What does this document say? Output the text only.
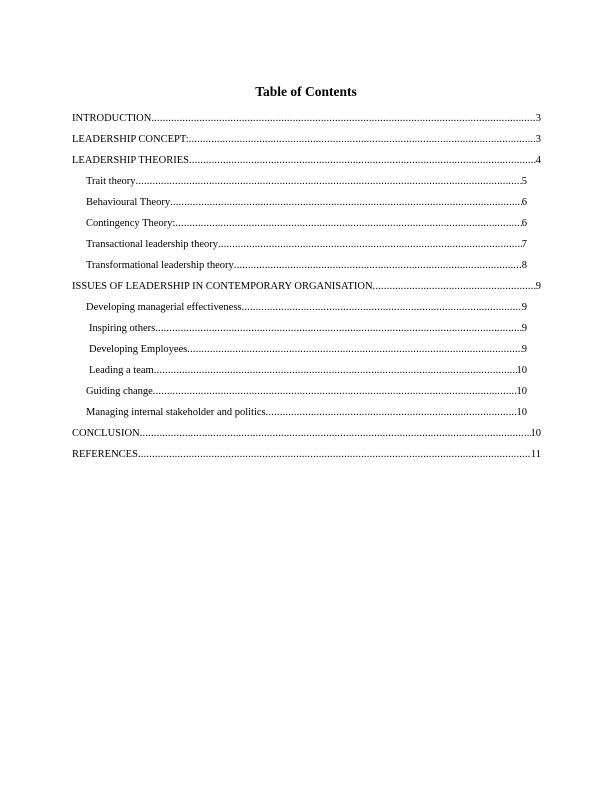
Table of Contents
INTRODUCTION .....	3
LEADERSHIP CONCEPT: .....	3
LEADERSHIP THEORIES .....	4
Trait theory .....	5
Behavioural Theory .....	6
Contingency Theory: .....	6
Transactional leadership theory .....	7
Transformational leadership theory .....	8
ISSUES OF LEADERSHIP IN CONTEMPORARY ORGANISATION .....	9
Developing managerial effectiveness .....	9
Inspiring others .....	9
Developing Employees .....	9
Leading a team .....	10
Guiding change .....	10
Managing internal stakeholder and politics .....	10
CONCLUSION .....	10
REFERENCES .....	11
